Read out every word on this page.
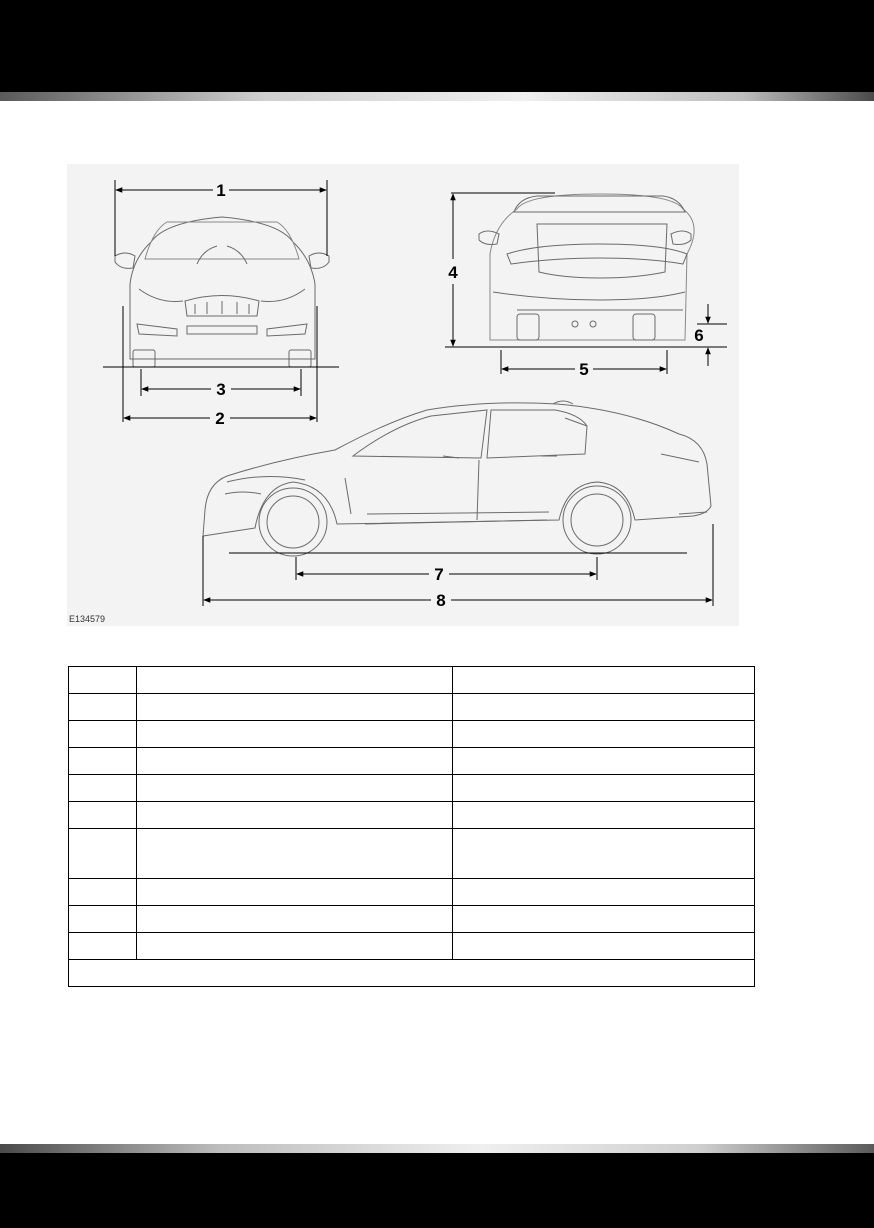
1
3
2
4
5
6
7
8
E134579
